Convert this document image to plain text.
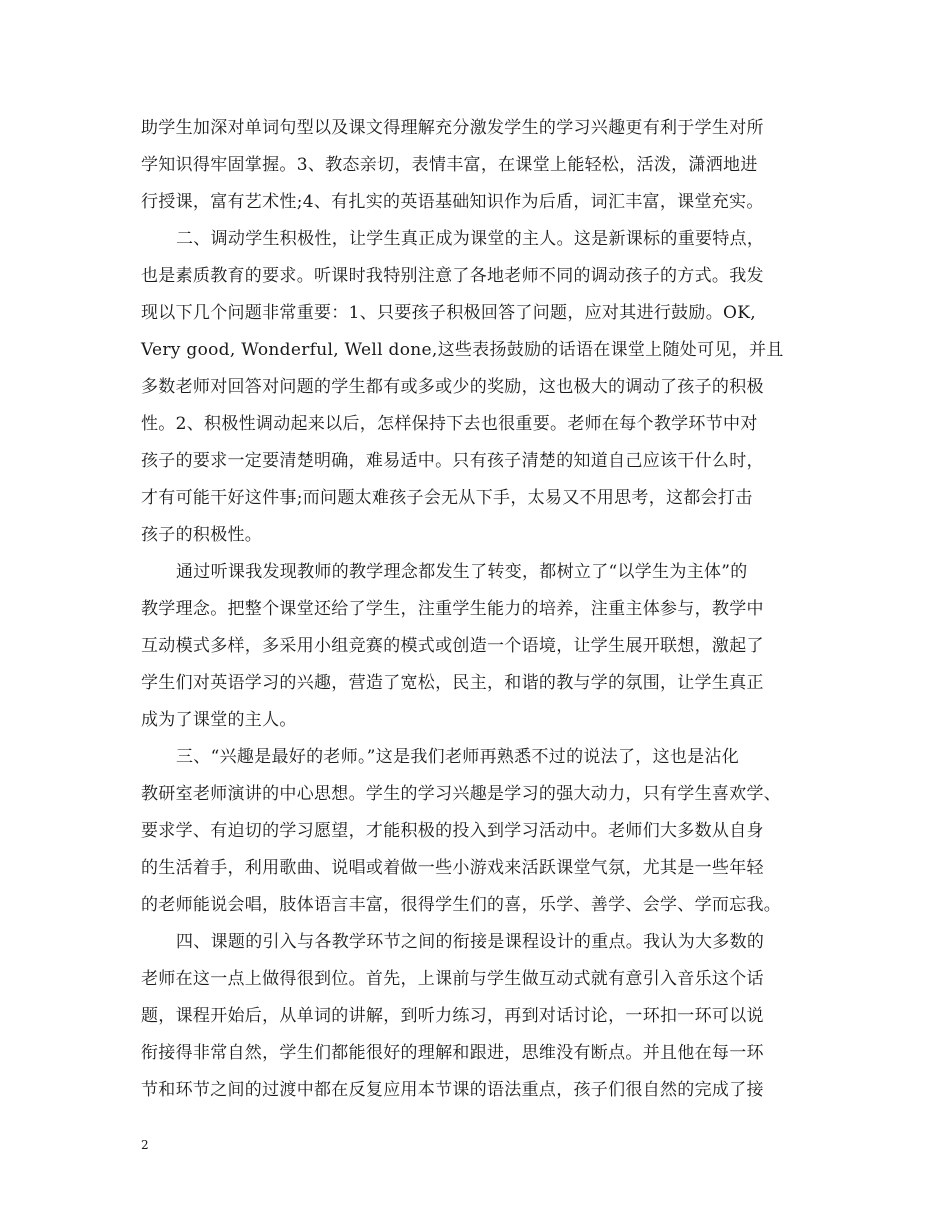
助学生加深对单词句型以及课文得理解充分激发学生的学习兴趣更有利于学生对所
学知识得牢固掌握。3、教态亲切，表情丰富，在课堂上能轻松，活泼，潇洒地进
行授课，富有艺术性;4、有扎实的英语基础知识作为后盾，词汇丰富，课堂充实。
二、调动学生积极性，让学生真正成为课堂的主人。这是新课标的重要特点，
也是素质教育的要求。听课时我特别注意了各地老师不同的调动孩子的方式。我发
现以下几个问题非常重要：1、只要孩子积极回答了问题，应对其进行鼓励。OK,
Very good, Wonderful, Well done,这些表扬鼓励的话语在课堂上随处可见，并且
多数老师对回答对问题的学生都有或多或少的奖励，这也极大的调动了孩子的积极
性。2、积极性调动起来以后，怎样保持下去也很重要。老师在每个教学环节中对
孩子的要求一定要清楚明确，难易适中。只有孩子清楚的知道自己应该干什么时，
才有可能干好这件事;而问题太难孩子会无从下手，太易又不用思考，这都会打击
孩子的积极性。
通过听课我发现教师的教学理念都发生了转变，都树立了“以学生为主体”的
教学理念。把整个课堂还给了学生，注重学生能力的培养，注重主体参与，教学中
互动模式多样，多采用小组竞赛的模式或创造一个语境，让学生展开联想，激起了
学生们对英语学习的兴趣，营造了宽松，民主，和谐的教与学的氛围，让学生真正
成为了课堂的主人。
三、“兴趣是最好的老师。”这是我们老师再熟悉不过的说法了，这也是沾化
教研室老师演讲的中心思想。学生的学习兴趣是学习的强大动力，只有学生喜欢学、
要求学、有迫切的学习愿望，才能积极的投入到学习活动中。老师们大多数从自身
的生活着手，利用歌曲、说唱或着做一些小游戏来活跃课堂气氛，尤其是一些年轻
的老师能说会唱，肢体语言丰富，很得学生们的喜，乐学、善学、会学、学而忘我。
四、课题的引入与各教学环节之间的衔接是课程设计的重点。我认为大多数的
老师在这一点上做得很到位。首先，上课前与学生做互动式就有意引入音乐这个话
题，课程开始后，从单词的讲解，到听力练习，再到对话讨论，一环扣一环可以说
衔接得非常自然，学生们都能很好的理解和跟进，思维没有断点。并且他在每一环
节和环节之间的过渡中都在反复应用本节课的语法重点，孩子们很自然的完成了接
2
